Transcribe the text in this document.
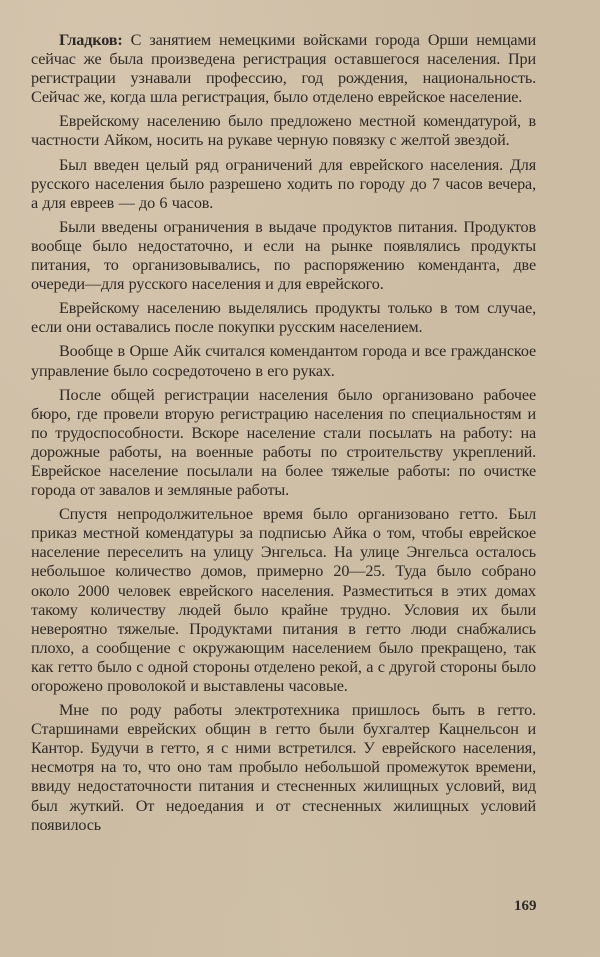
Гладков: С занятием немецкими войсками города Орши немцами сейчас же была произведена регистрация оставшегося населения. При регистрации узнавали профессию, год рождения, национальность. Сейчас же, когда шла регистрация, было отделено еврейское население.

Еврейскому населению было предложено местной комендатурой, в частности Айком, носить на рукаве черную повязку с желтой звездой.

Был введен целый ряд ограничений для еврейского населения. Для русского населения было разрешено ходить по городу до 7 часов вечера, а для евреев — до 6 часов.

Были введены ограничения в выдаче продуктов питания. Продуктов вообще было недостаточно, и если на рынке появлялись продукты питания, то организовывались, по распоряжению коменданта, две очереди—для русского населения и для еврейского.

Еврейскому населению выделялись продукты только в том случае, если они оставались после покупки русским населением.

Вообще в Орше Айк считался комендантом города и все гражданское управление было сосредоточено в его руках.

После общей регистрации населения было организовано рабочее бюро, где провели вторую регистрацию населения по специальностям и по трудоспособности. Вскоре население стали посылать на работу: на дорожные работы, на военные работы по строительству укреплений. Еврейское население посылали на более тяжелые работы: по очистке города от завалов и земляные работы.

Спустя непродолжительное время было организовано гетто. Был приказ местной комендатуры за подписью Айка о том, чтобы еврейское население переселить на улицу Энгельса. На улице Энгельса осталось небольшое количество домов, примерно 20—25. Туда было собрано около 2000 человек еврейского населения. Разместиться в этих домах такому количеству людей было крайне трудно. Условия их были невероятно тяжелые. Продуктами питания в гетто люди снабжались плохо, а сообщение с окружающим населением было прекращено, так как гетто было с одной стороны отделено рекой, а с другой стороны было огорожено проволокой и выставлены часовые.

Мне по роду работы электротехника пришлось быть в гетто. Старшинами еврейских общин в гетто были бухгалтер Кацнельсон и Кантор. Будучи в гетто, я с ними встретился. У еврейского населения, несмотря на то, что оно там пробыло небольшой промежуток времени, ввиду недостаточности питания и стесненных жилищных условий, вид был жуткий. От недоедания и от стесненных жилищных условий появилось

169
